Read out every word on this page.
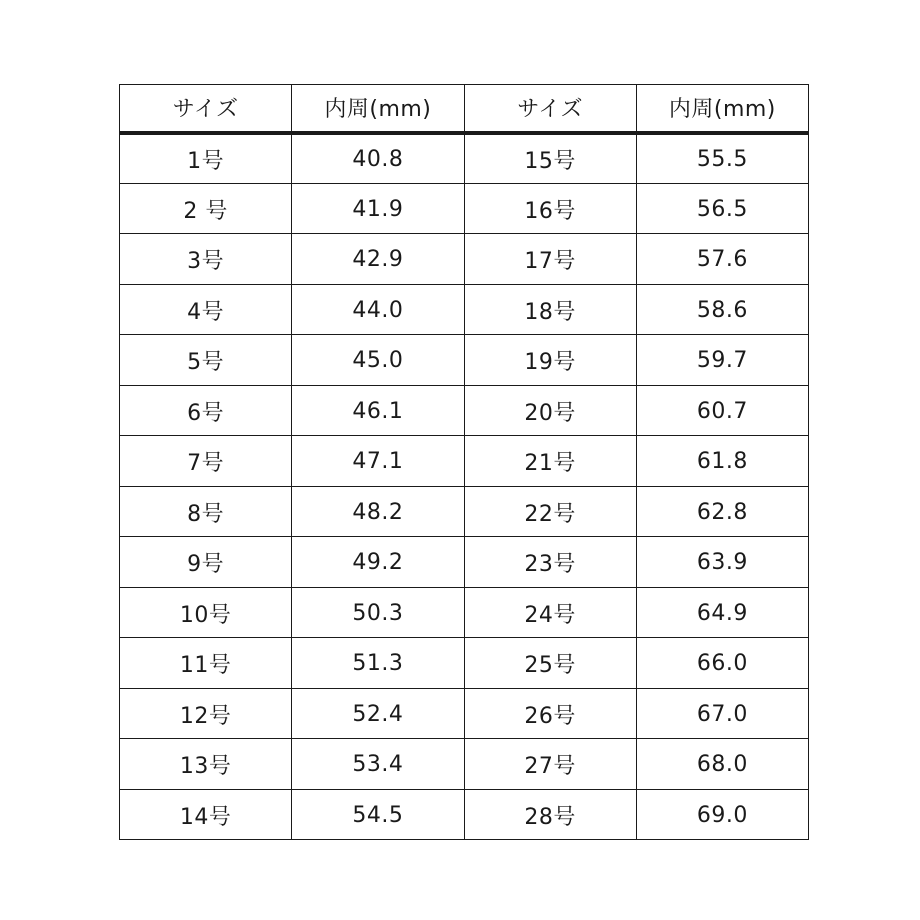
サイズ	内周(mm)	サイズ	内周(mm)
1号	40.8	15号	55.5
2 号	41.9	16号	56.5
3号	42.9	17号	57.6
4号	44.0	18号	58.6
5号	45.0	19号	59.7
6号	46.1	20号	60.7
7号	47.1	21号	61.8
8号	48.2	22号	62.8
9号	49.2	23号	63.9
10号	50.3	24号	64.9
11号	51.3	25号	66.0
12号	52.4	26号	67.0
13号	53.4	27号	68.0
14号	54.5	28号	69.0
